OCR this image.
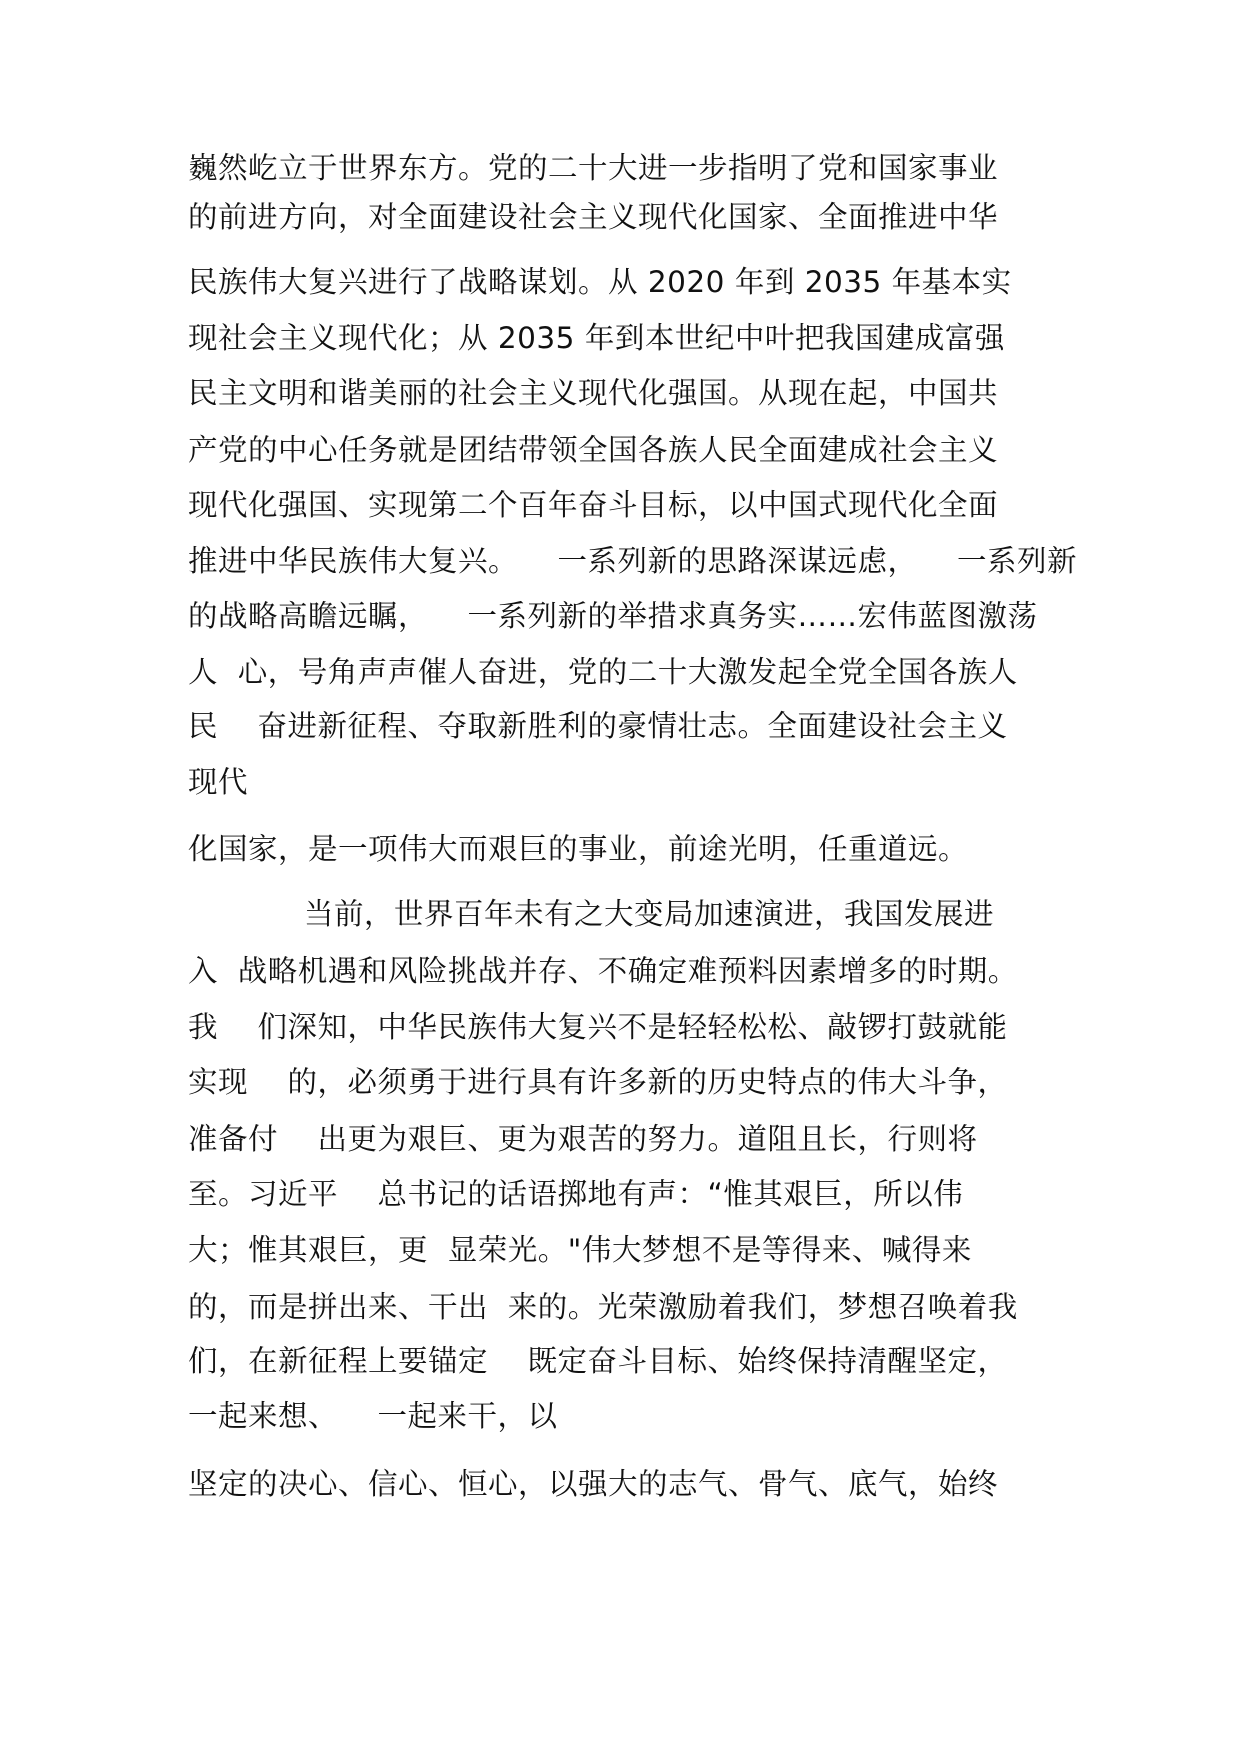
巍然屹立于世界东方。党的二十大进一步指明了党和国家事业
的前进方向，对全面建设社会主义现代化国家、全面推进中华
民族伟大复兴进行了战略谋划。从 2020 年到 2035 年基本实
现社会主义现代化；从 2035 年到本世纪中叶把我国建成富强
民主文明和谐美丽的社会主义现代化强国。从现在起，中国共
产党的中心任务就是团结带领全国各族人民全面建成社会主义
现代化强国、实现第二个百年奋斗目标，以中国式现代化全面
推进中华民族伟大复兴。    一系列新的思路深谋远虑，    一系列新
的战略高瞻远瞩，    一系列新的举措求真务实……宏伟蓝图激荡
人  心，号角声声催人奋进，党的二十大激发起全党全国各族人
民    奋进新征程、夺取新胜利的豪情壮志。全面建设社会主义
现代
化国家，是一项伟大而艰巨的事业，前途光明，任重道远。
当前，世界百年未有之大变局加速演进，我国发展进
入  战略机遇和风险挑战并存、不确定难预料因素增多的时期。
我    们深知，中华民族伟大复兴不是轻轻松松、敲锣打鼓就能
实现    的，必须勇于进行具有许多新的历史特点的伟大斗争，
准备付    出更为艰巨、更为艰苦的努力。道阻且长，行则将
至。习近平    总书记的话语掷地有声：“惟其艰巨，所以伟
大；惟其艰巨，更  显荣光。"伟大梦想不是等得来、喊得来
的，而是拼出来、干出  来的。光荣激励着我们，梦想召唤着我
们，在新征程上要锚定    既定奋斗目标、始终保持清醒坚定，
一起来想、    一起来干，以
坚定的决心、信心、恒心，以强大的志气、骨气、底气，始终
